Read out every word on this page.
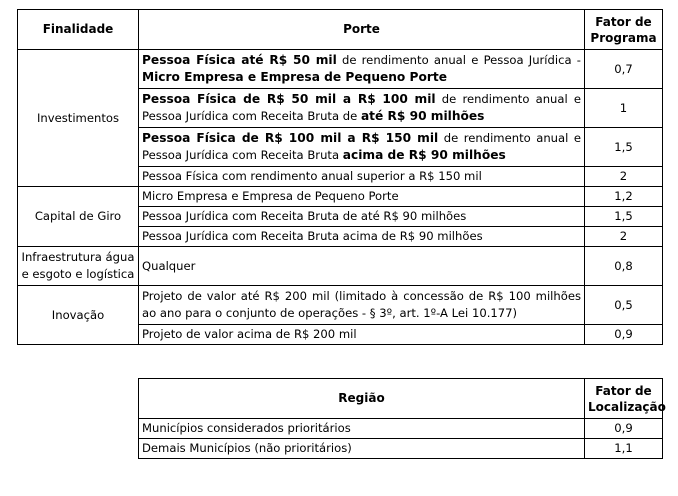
Finalidade	Porte	Fator de
Programa
Investimentos	Pessoa Física até R$ 50 mil de rendimento anual e Pessoa Jurídica - Micro Empresa e Empresa de Pequeno Porte	0,7
	Pessoa Física de R$ 50 mil a R$ 100 mil de rendimento anual e Pessoa Jurídica com Receita Bruta de até R$ 90 milhões	1
	Pessoa Física de R$ 100 mil a R$ 150 mil de rendimento anual e Pessoa Jurídica com Receita Bruta acima de R$ 90 milhões	1,5
	Pessoa Física com rendimento anual superior a R$ 150 mil	2
Capital de Giro	Micro Empresa e Empresa de Pequeno Porte	1,2
	Pessoa Jurídica com Receita Bruta de até R$ 90 milhões	1,5
	Pessoa Jurídica com Receita Bruta acima de R$ 90 milhões	2
Infraestrutura água
e esgoto e logística	Qualquer	0,8
Inovação	Projeto de valor até R$ 200 mil (limitado à concessão de R$ 100 milhões ao ano para o conjunto de operações - § 3º, art. 1º-A Lei 10.177)	0,5
	Projeto de valor acima de R$ 200 mil	0,9
Região	Fator de
Localização
Municípios considerados prioritários	0,9
Demais Municípios (não prioritários)	1,1
